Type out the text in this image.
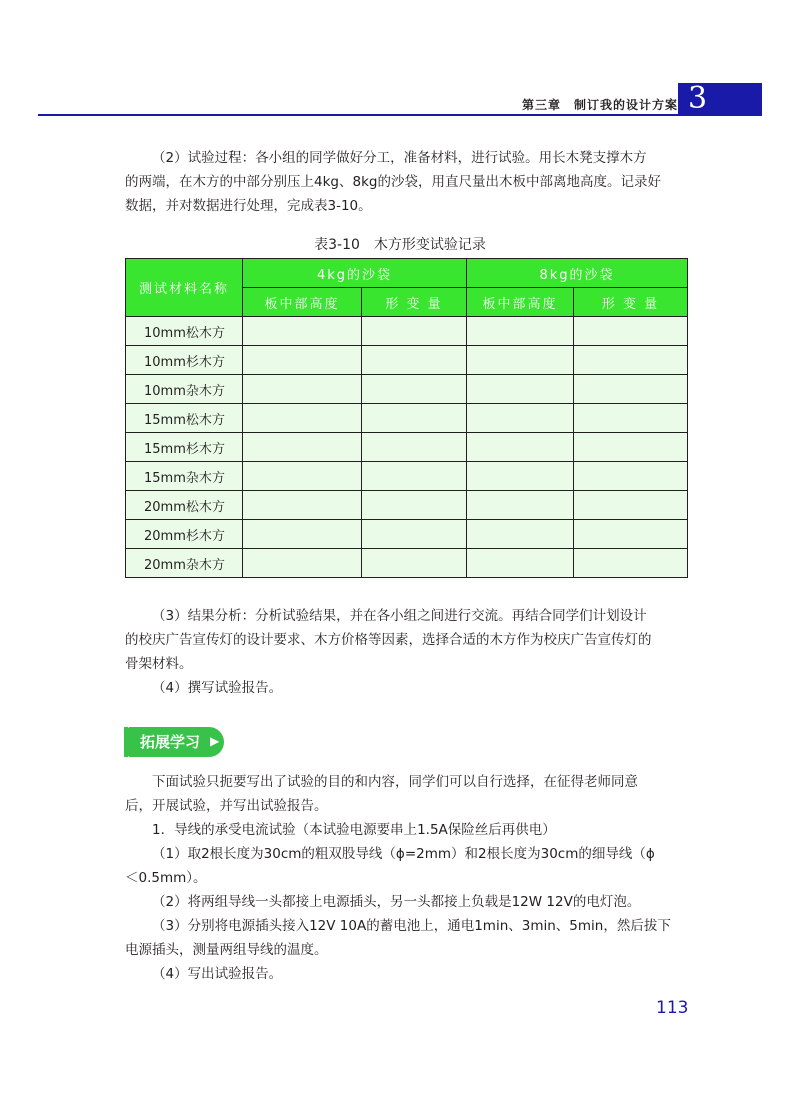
第三章　制订我的设计方案 3
（2）试验过程：各小组的同学做好分工，准备材料，进行试验。用长木凳支撑木方
的两端，在木方的中部分别压上4kg、8kg的沙袋，用直尺量出木板中部离地高度。记录好
数据，并对数据进行处理，完成表3-10。
表3-10　木方形变试验记录
测试材料名称	4kg的沙袋		8kg的沙袋	
	板中部高度	形 变 量	板中部高度	形 变 量
10mm松木方				
10mm杉木方				
10mm杂木方				
15mm松木方				
15mm杉木方				
15mm杂木方				
20mm松木方				
20mm杉木方				
20mm杂木方				
（3）结果分析：分析试验结果，并在各小组之间进行交流。再结合同学们计划设计
的校庆广告宣传灯的设计要求、木方价格等因素，选择合适的木方作为校庆广告宣传灯的
骨架材料。
（4）撰写试验报告。
拓展学习 ▶
下面试验只扼要写出了试验的目的和内容，同学们可以自行选择，在征得老师同意
后，开展试验，并写出试验报告。
1．导线的承受电流试验（本试验电源要串上1.5A保险丝后再供电）
（1）取2根长度为30cm的粗双股导线（ϕ=2mm）和2根长度为30cm的细导线（ϕ
＜0.5mm）。
（2）将两组导线一头都接上电源插头，另一头都接上负载是12W 12V的电灯泡。
（3）分别将电源插头接入12V 10A的蓄电池上，通电1min、3min、5min，然后拔下
电源插头，测量两组导线的温度。
（4）写出试验报告。
113
